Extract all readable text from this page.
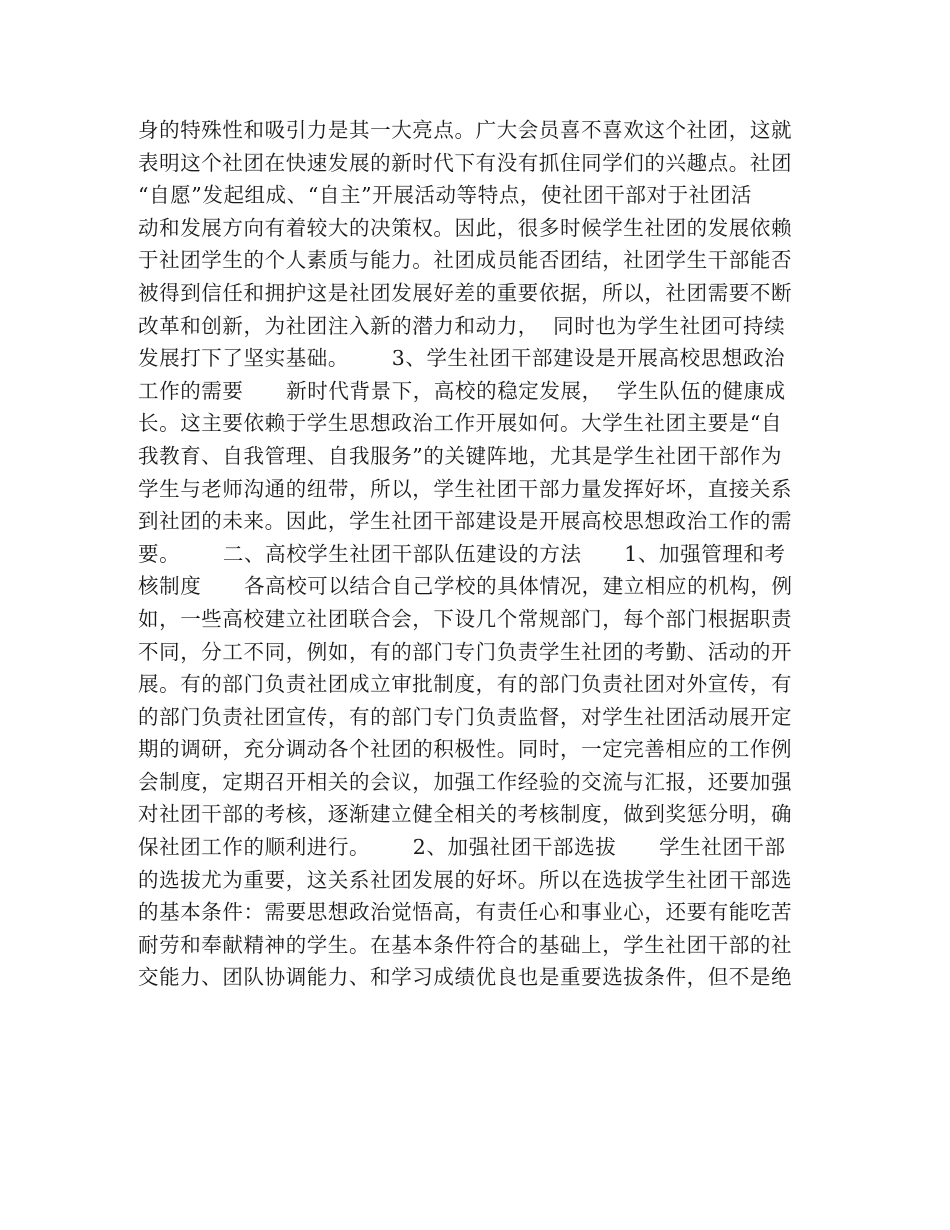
身的特殊性和吸引力是其一大亮点。广大会员喜不喜欢这个社团，这就
表明这个社团在快速发展的新时代下有没有抓住同学们的兴趣点。社团
“自愿”发起组成、“自主”开展活动等特点，使社团干部对于社团活
动和发展方向有着较大的决策权。因此，很多时候学生社团的发展依赖
于社团学生的个人素质与能力。社团成员能否团结，社团学生干部能否
被得到信任和拥护这是社团发展好差的重要依据，所以，社团需要不断
改革和创新，为社团注入新的潜力和动力，  同时也为学生社团可持续
发展打下了坚实基础。      3、学生社团干部建设是开展高校思想政治
工作的需要      新时代背景下，高校的稳定发展，  学生队伍的健康成
长。这主要依赖于学生思想政治工作开展如何。大学生社团主要是“自
我教育、自我管理、自我服务”的关键阵地，尤其是学生社团干部作为
学生与老师沟通的纽带，所以，学生社团干部力量发挥好坏，直接关系
到社团的未来。因此，学生社团干部建设是开展高校思想政治工作的需
要。      二、高校学生社团干部队伍建设的方法      1、加强管理和考
核制度      各高校可以结合自己学校的具体情况，建立相应的机构，例
如，一些高校建立社团联合会，下设几个常规部门，每个部门根据职责
不同，分工不同，例如，有的部门专门负责学生社团的考勤、活动的开
展。有的部门负责社团成立审批制度，有的部门负责社团对外宣传，有
的部门负责社团宣传，有的部门专门负责监督，对学生社团活动展开定
期的调研，充分调动各个社团的积极性。同时，一定完善相应的工作例
会制度，定期召开相关的会议，加强工作经验的交流与汇报，还要加强
对社团干部的考核，逐渐建立健全相关的考核制度，做到奖惩分明，确
保社团工作的顺利进行。      2、加强社团干部选拔      学生社团干部
的选拔尤为重要，这关系社团发展的好坏。所以在选拔学生社团干部选
的基本条件：需要思想政治觉悟高，有责任心和事业心，还要有能吃苦
耐劳和奉献精神的学生。在基本条件符合的基础上，学生社团干部的社
交能力、团队协调能力、和学习成绩优良也是重要选拔条件，但不是绝
